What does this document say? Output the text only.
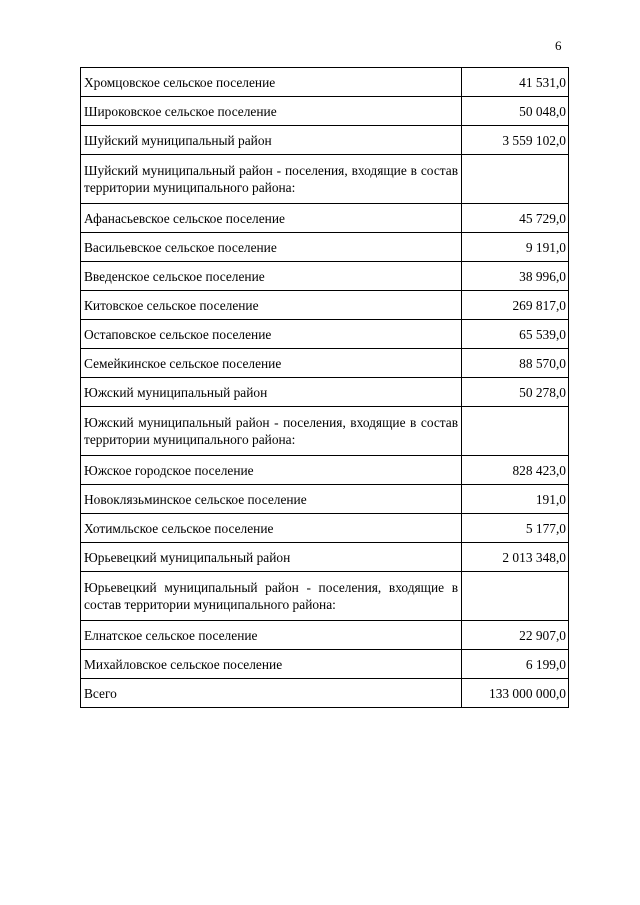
6
Хромцовское сельское поселение	41 531,0
Широковское сельское поселение	50 048,0
Шуйский муниципальный район	3 559 102,0
Шуйский муниципальный район - поселения, входящие в состав территории муниципального района:	
Афанасьевское сельское поселение	45 729,0
Васильевское сельское поселение	9 191,0
Введенское сельское поселение	38 996,0
Китовское сельское поселение	269 817,0
Остаповское сельское поселение	65 539,0
Семейкинское сельское поселение	88 570,0
Южский муниципальный район	50 278,0
Южский муниципальный район - поселения, входящие в состав территории муниципального района:	
Южское городское поселение	828 423,0
Новоклязьминское сельское поселение	191,0
Хотимльское сельское поселение	5 177,0
Юрьевецкий муниципальный район	2 013 348,0
Юрьевецкий муниципальный район - поселения, входящие в состав территории муниципального района:	
Елнатское сельское поселение	22 907,0
Михайловское сельское поселение	6 199,0
Всего	133 000 000,0
